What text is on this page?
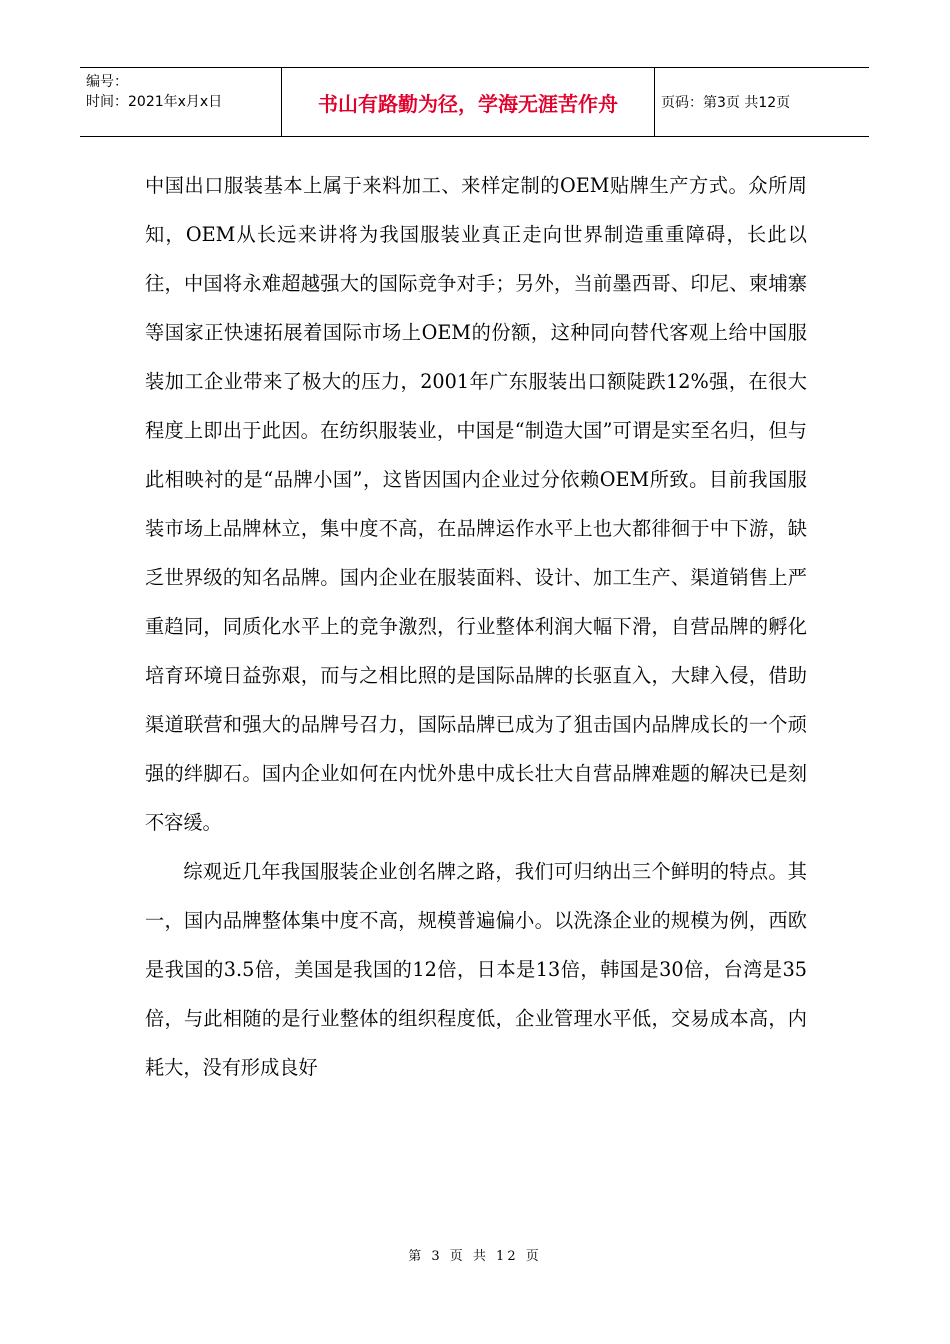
编号：
时间：2021年x月x日	书山有路勤为径，学海无涯苦作舟	页码：第3页 共12页

中国出口服装基本上属于来料加工、来样定制的OEM贴牌生产方式。众所周知，OEM从长远来讲将为我国服装业真正走向世界制造重重障碍，长此以往，中国将永难超越强大的国际竞争对手；另外，当前墨西哥、印尼、柬埔寨等国家正快速拓展着国际市场上OEM的份额，这种同向替代客观上给中国服装加工企业带来了极大的压力，2001年广东服装出口额陡跌12%强，在很大程度上即出于此因。在纺织服装业，中国是“制造大国”可谓是实至名归，但与此相映衬的是“品牌小国”，这皆因国内企业过分依赖OEM所致。目前我国服装市场上品牌林立，集中度不高，在品牌运作水平上也大都徘徊于中下游，缺乏世界级的知名品牌。国内企业在服装面料、设计、加工生产、渠道销售上严重趋同，同质化水平上的竞争激烈，行业整体利润大幅下滑，自营品牌的孵化培育环境日益弥艰，而与之相比照的是国际品牌的长驱直入，大肆入侵，借助渠道联营和强大的品牌号召力，国际品牌已成为了狙击国内品牌成长的一个顽强的绊脚石。国内企业如何在内忧外患中成长壮大自营品牌难题的解决已是刻不容缓。

综观近几年我国服装企业创名牌之路，我们可归纳出三个鲜明的特点。其一，国内品牌整体集中度不高，规模普遍偏小。以洗涤企业的规模为例，西欧是我国的3.5倍，美国是我国的12倍，日本是13倍，韩国是30倍，台湾是35倍，与此相随的是行业整体的组织程度低，企业管理水平低，交易成本高，内耗大，没有形成良好

第 3 页 共 12 页
